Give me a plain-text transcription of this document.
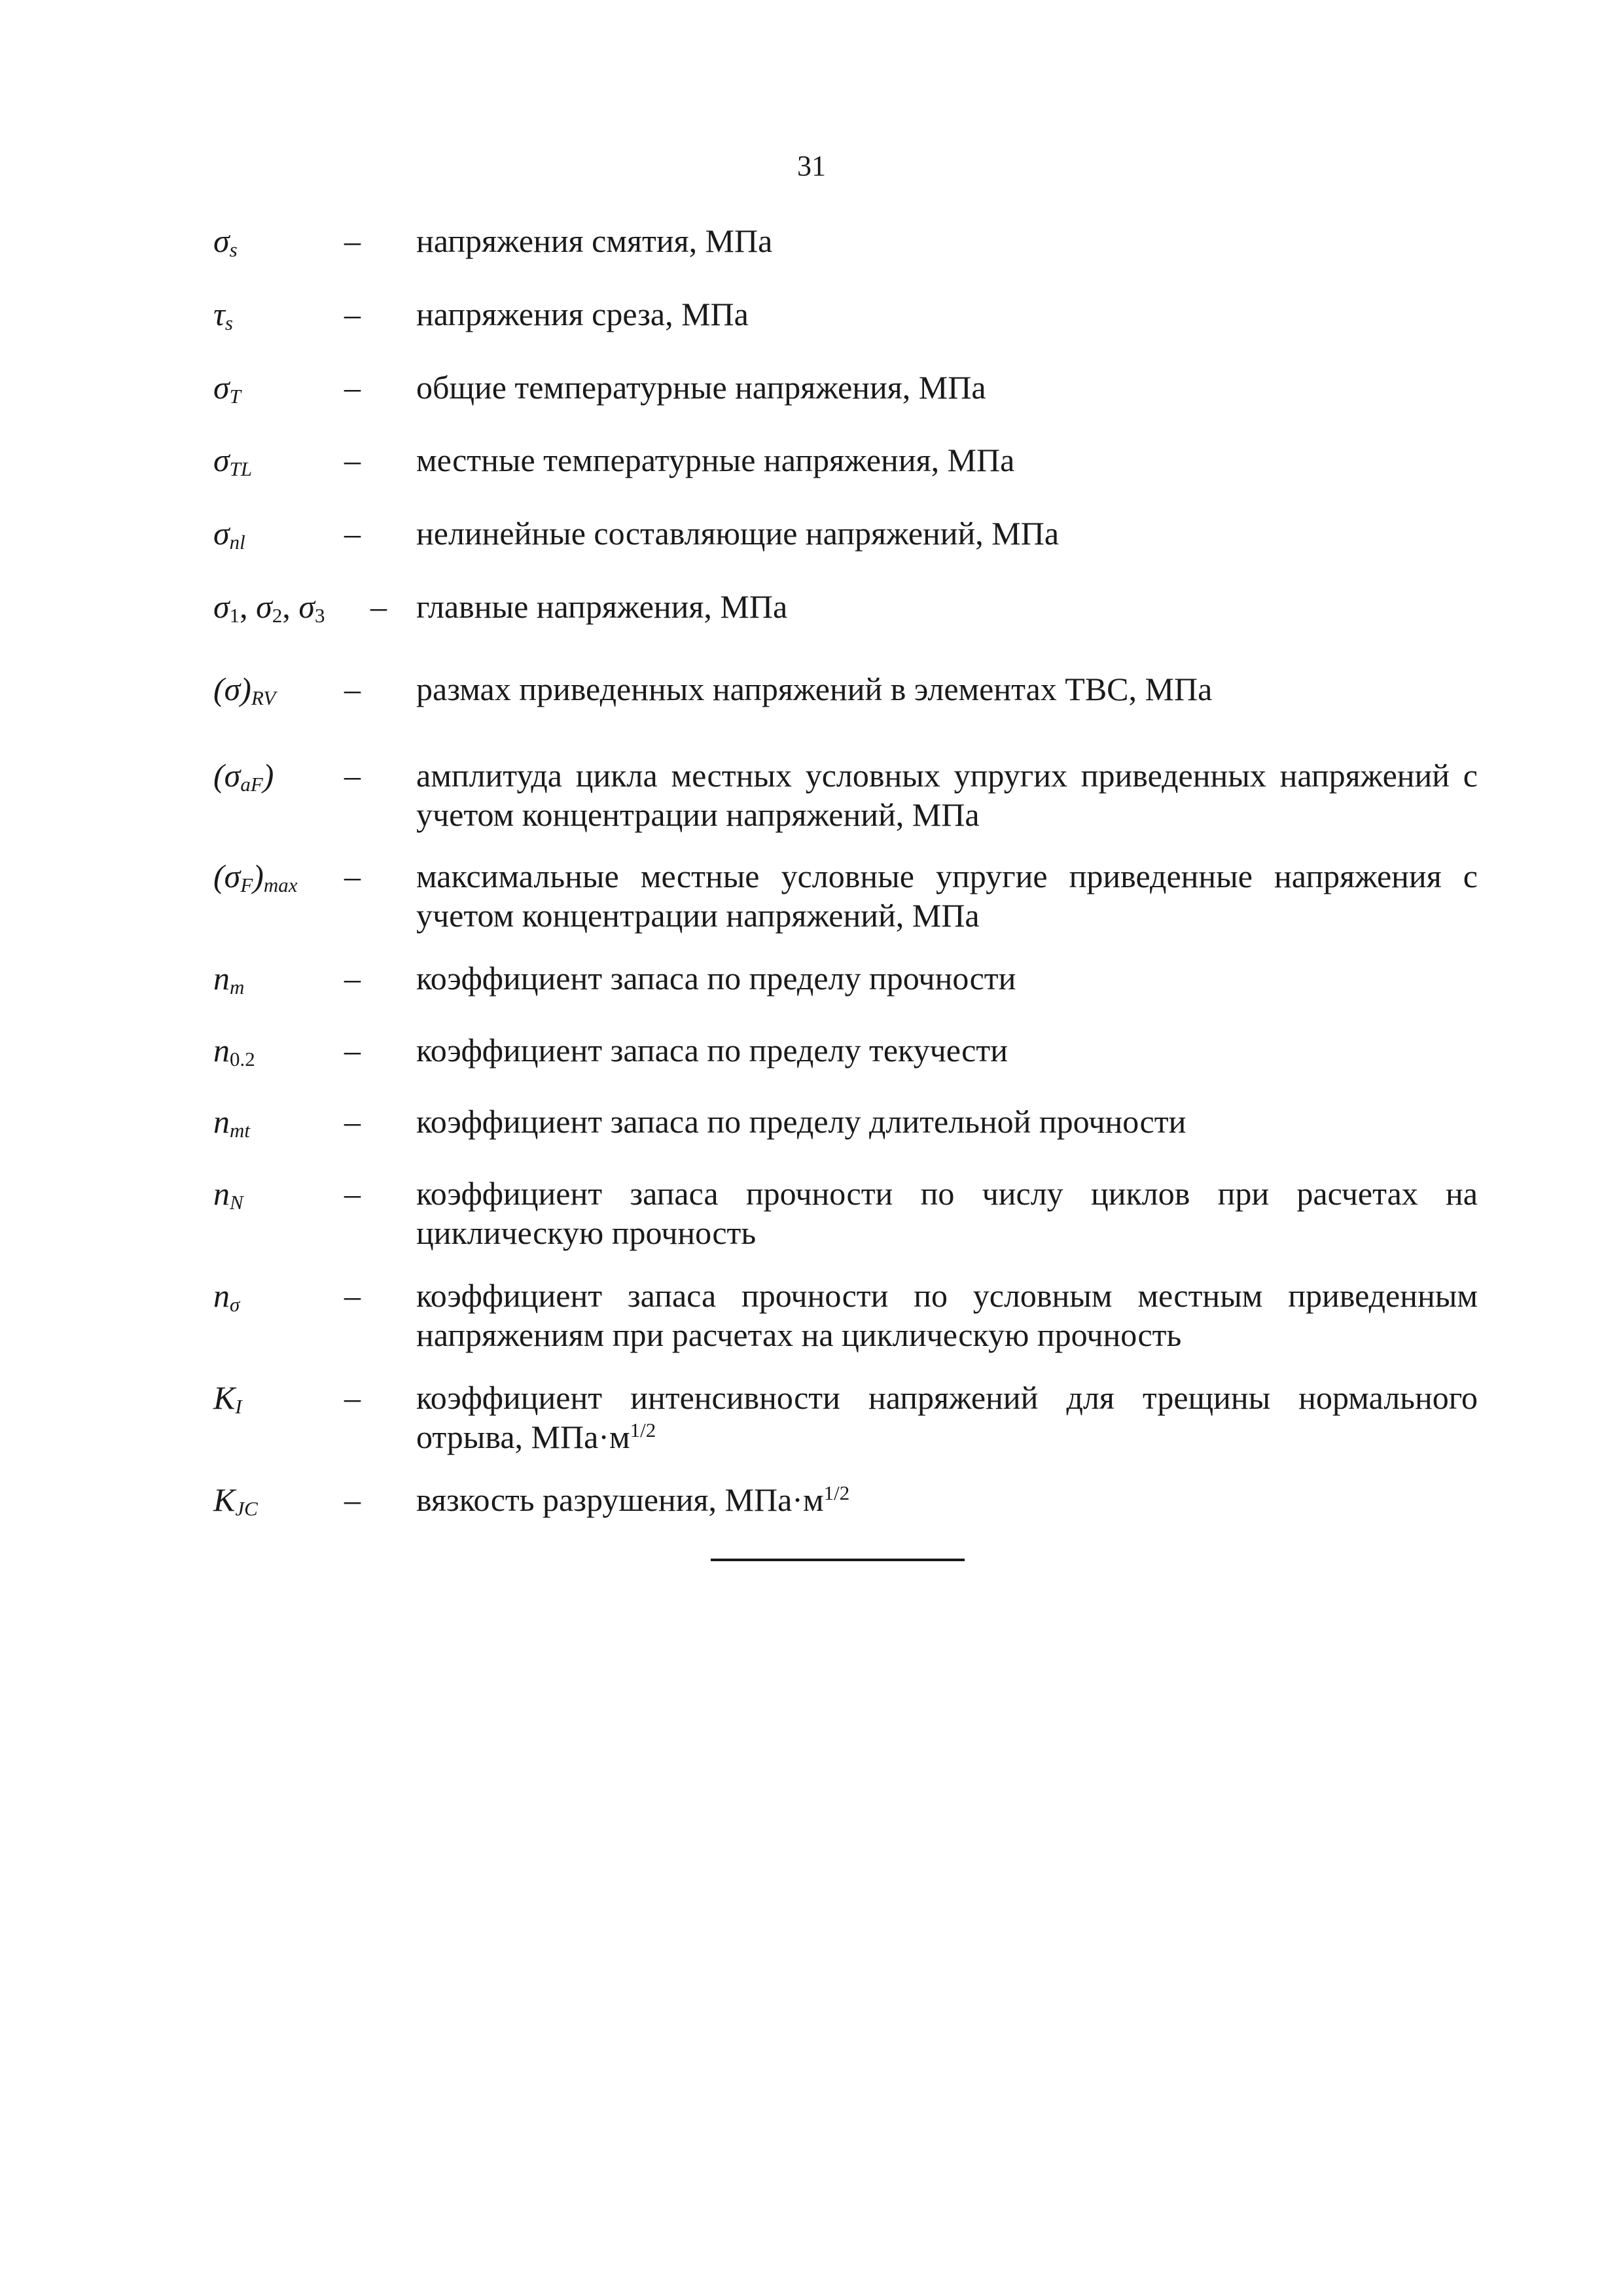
31
$\sigma_s$	–	напряжения смятия, МПа
$\tau_s$	–	напряжения среза, МПа
$\sigma_T$	–	общие температурные напряжения, МПа
$\sigma_{TL}$	–	местные температурные напряжения, МПа
$\sigma_{nl}$	–	нелинейные составляющие напряжений, МПа
σ1, σ2, σ3	– главные напряжения, МПа
$(\sigma)_{RV}$	–	размах приведенных напряжений в элементах ТВС, МПа
$(\sigma_{aF})$	–	амплитуда цикла местных условных упругих приведенных напряжений с учетом концентрации напряжений, МПа
$(\sigma_F)_{max}$	–	максимальные местные условные упругие приведенные напряжения с учетом концентрации напряжений, МПа
$n_m$	–	коэффициент запаса по пределу прочности
n0.2	–	коэффициент запаса по пределу текучести
$n_{mt}$	–	коэффициент запаса по пределу длительной прочности
$n_N$	–	коэффициент запаса прочности по числу циклов при расчетах на циклическую прочность
$n_\sigma$	–	коэффициент запаса прочности по условным местным приведенным напряжениям при расчетах на циклическую прочность
$K_I$	–	коэффициент интенсивности напряжений для трещины нормального отрыва, $МПа\cdot м^{1/2}$
$K_{JC}$	–	вязкость разрушения, $МПа\cdot м^{1/2}$
